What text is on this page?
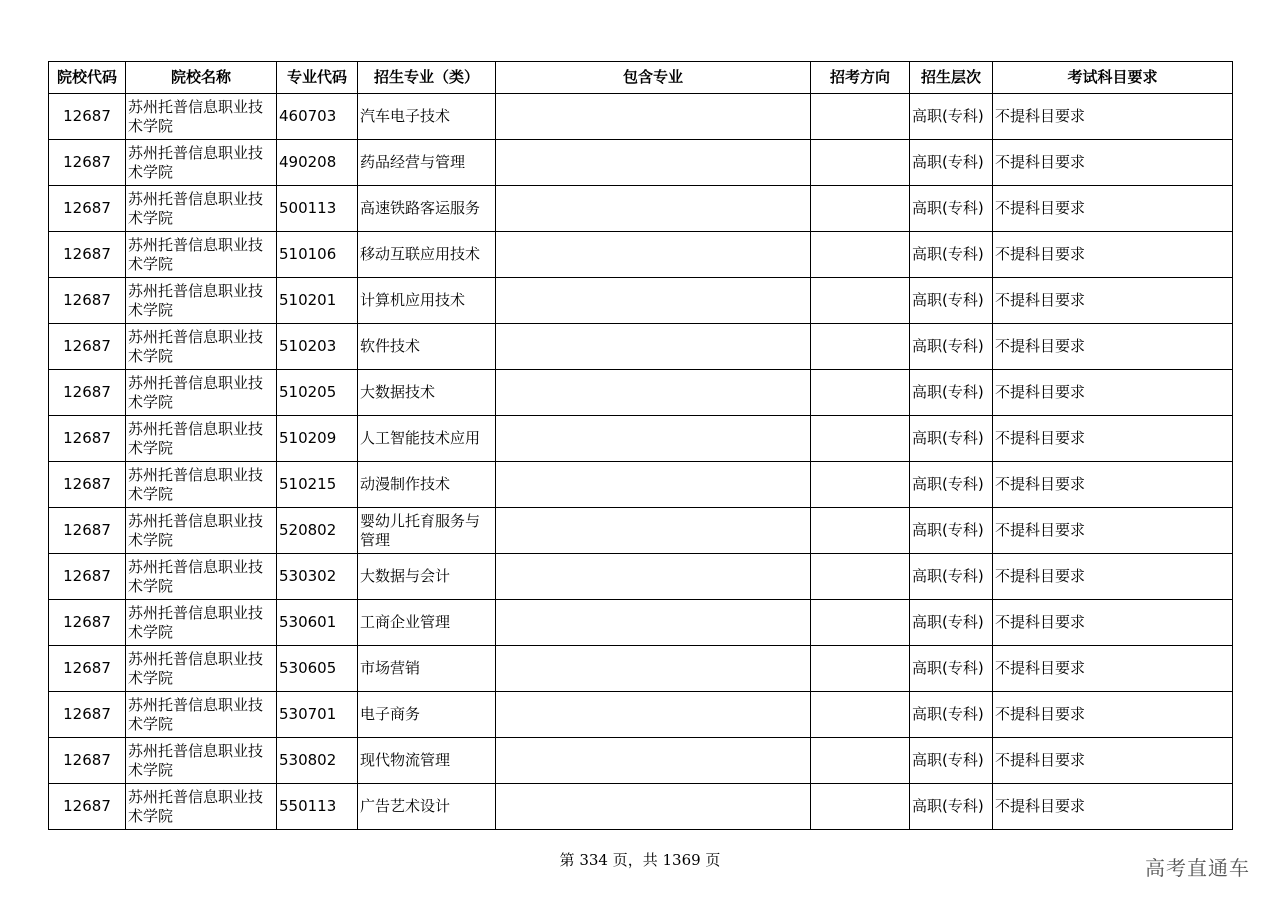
院校代码	院校名称	专业代码	招生专业（类）	包含专业	招考方向	招生层次	考试科目要求
12687	苏州托普信息职业技术学院	460703	汽车电子技术			高职(专科)	不提科目要求
12687	苏州托普信息职业技术学院	490208	药品经营与管理			高职(专科)	不提科目要求
12687	苏州托普信息职业技术学院	500113	高速铁路客运服务			高职(专科)	不提科目要求
12687	苏州托普信息职业技术学院	510106	移动互联应用技术			高职(专科)	不提科目要求
12687	苏州托普信息职业技术学院	510201	计算机应用技术			高职(专科)	不提科目要求
12687	苏州托普信息职业技术学院	510203	软件技术			高职(专科)	不提科目要求
12687	苏州托普信息职业技术学院	510205	大数据技术			高职(专科)	不提科目要求
12687	苏州托普信息职业技术学院	510209	人工智能技术应用			高职(专科)	不提科目要求
12687	苏州托普信息职业技术学院	510215	动漫制作技术			高职(专科)	不提科目要求
12687	苏州托普信息职业技术学院	520802	婴幼儿托育服务与管理			高职(专科)	不提科目要求
12687	苏州托普信息职业技术学院	530302	大数据与会计			高职(专科)	不提科目要求
12687	苏州托普信息职业技术学院	530601	工商企业管理			高职(专科)	不提科目要求
12687	苏州托普信息职业技术学院	530605	市场营销			高职(专科)	不提科目要求
12687	苏州托普信息职业技术学院	530701	电子商务			高职(专科)	不提科目要求
12687	苏州托普信息职业技术学院	530802	现代物流管理			高职(专科)	不提科目要求
12687	苏州托普信息职业技术学院	550113	广告艺术设计			高职(专科)	不提科目要求
第 334 页，共 1369 页	高考直通车
